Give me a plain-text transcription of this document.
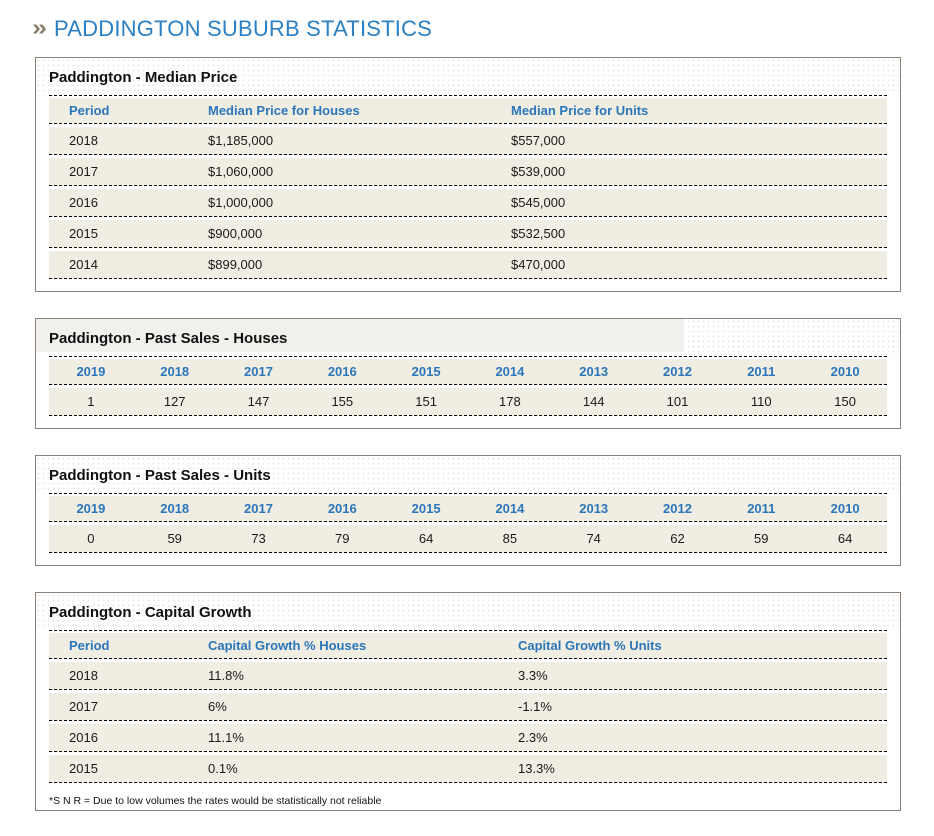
» PADDINGTON SUBURB STATISTICS
Paddington - Median Price
Period	Median Price for Houses	Median Price for Units
2018	$1,185,000	$557,000
2017	$1,060,000	$539,000
2016	$1,000,000	$545,000
2015	$900,000	$532,500
2014	$899,000	$470,000
Paddington - Past Sales - Houses
2019	2018	2017	2016	2015	2014	2013	2012	2011	2010
1	127	147	155	151	178	144	101	110	150
Paddington - Past Sales - Units
2019	2018	2017	2016	2015	2014	2013	2012	2011	2010
0	59	73	79	64	85	74	62	59	64
Paddington - Capital Growth
Period	Capital Growth % Houses	Capital Growth % Units
2018	11.8%	3.3%
2017	6%	-1.1%
2016	11.1%	2.3%
2015	0.1%	13.3%
*S N R = Due to low volumes the rates would be statistically not reliable
